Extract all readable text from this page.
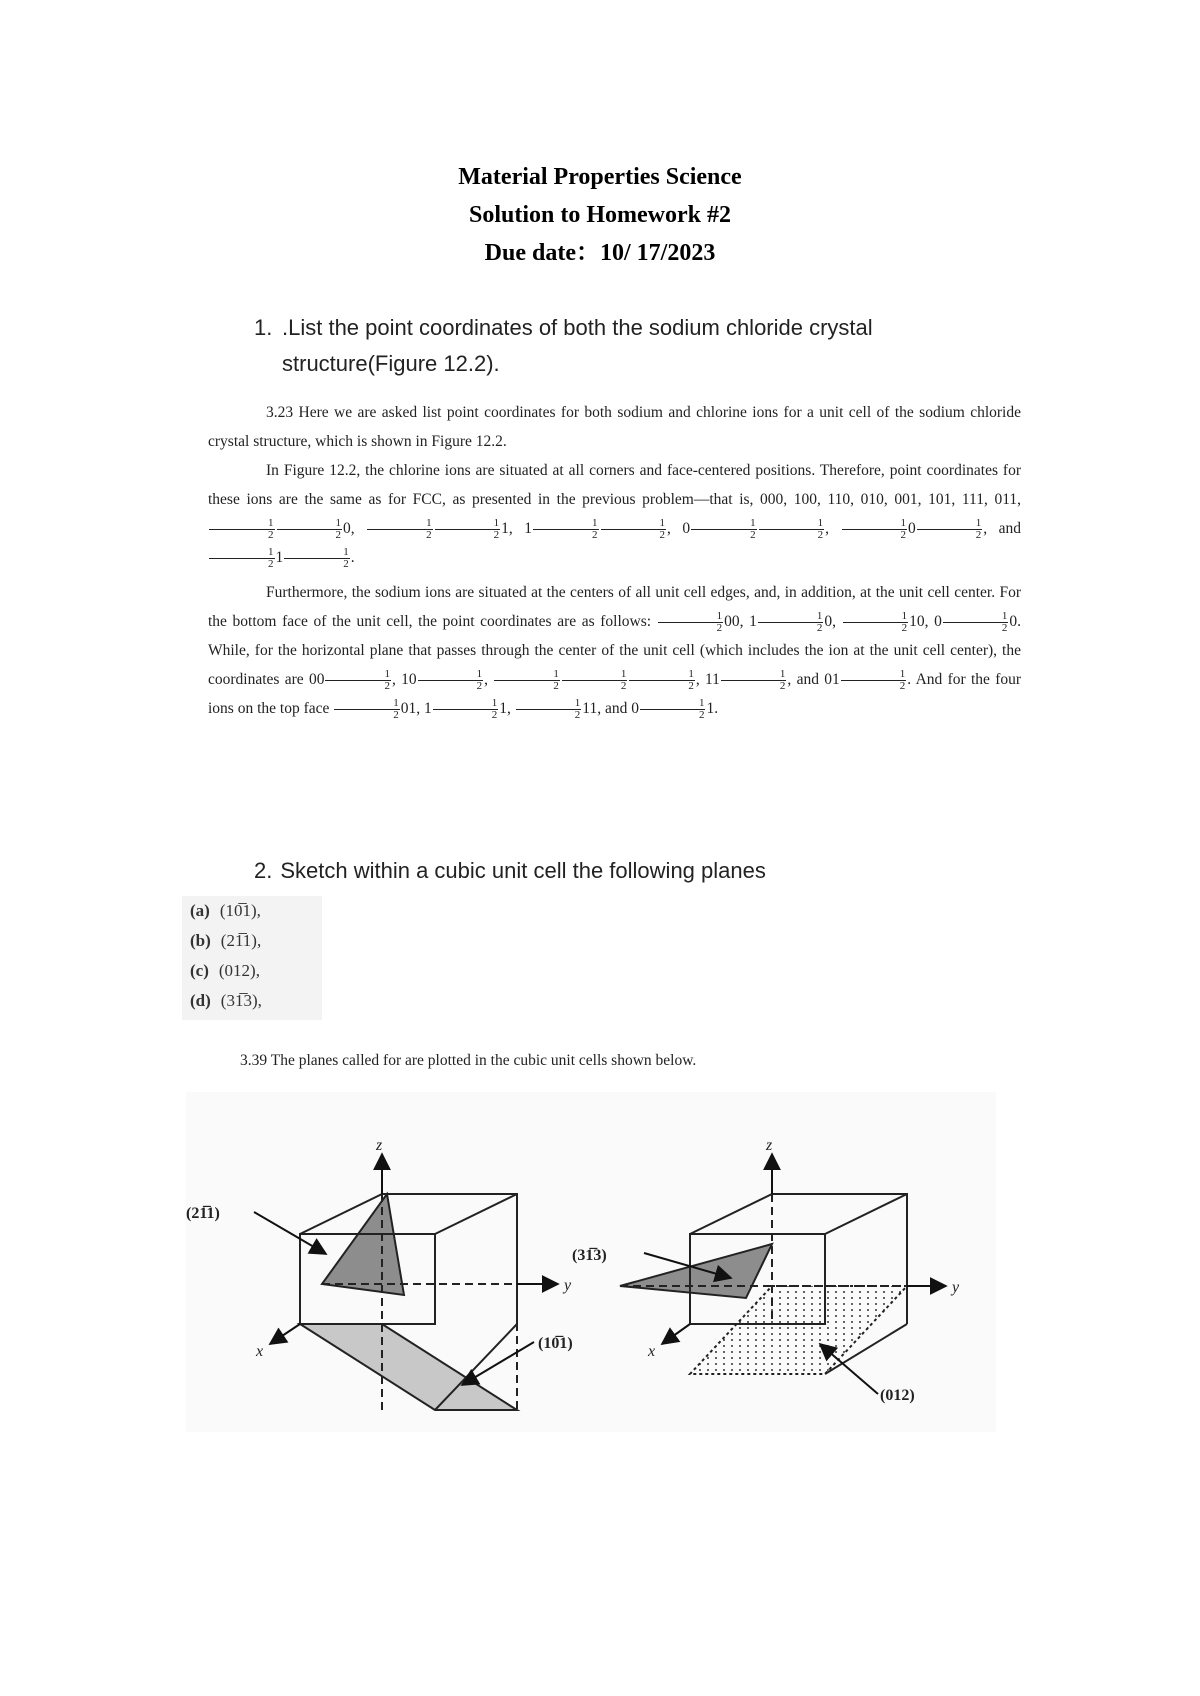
Material Properties Science
Solution to Homework #2
Due date：10/ 17/2023
1. .List the point coordinates of both the sodium chloride crystal structure(Figure 12.2).

3.23 Here we are asked list point coordinates for both sodium and chlorine ions for a unit cell of the sodium chloride crystal structure, which is shown in Figure 12.2.

In Figure 12.2, the chlorine ions are situated at all corners and face-centered positions. Therefore, point coordinates for these ions are the same as for FCC, as presented in the previous problem—that is, 000, 100, 110, 010, 001, 101, 111, 011,
$\frac{1}{2} \frac{1}{2} 0$, $\frac{1}{2} \frac{1}{2} 1$, $1 \frac{1}{2} \frac{1}{2}$ , $0 \frac{1}{2} \frac{1}{2}$ , $\frac{1}{2} 0 \frac{1}{2}$ , and
$\frac{1}{2} 1 \frac{1}{2}$ .

Furthermore, the sodium ions are situated at the centers of all unit cell edges, and, in addition, at the unit cell center. For the bottom face of the unit cell, the point coordinates are as follows: $\frac{1}{2} 00$, $1 \frac{1}{2} 0$, $\frac{1}{2} 10$, $0 \frac{1}{2} 0$. While, for the horizontal plane that passes through the center of the unit cell (which includes the ion at the unit cell center), the coordinates are $00 \frac{1}{2}$ , $10 \frac{1}{2}$ , $\frac{1}{2} \frac{1}{2} \frac{1}{2}$ , $11 \frac{1}{2}$ , and $01 \frac{1}{2}$ . And for the four ions on the top face $\frac{1}{2} 01$, $1 \frac{1}{2} 1$, $\frac{1}{2} 11$, and $0 \frac{1}{2} 1$.

2. Sketch within a cubic unit cell the following planes
(a) (10̅1),
(b) (21̅1),
(c) (012),
(d) (31̅3),
3.39 The planes called for are plotted in the cubic unit cells shown below.
z
y
x
(21̅1)
(10̅1)
z
y
x
(31̅3)
(012)
